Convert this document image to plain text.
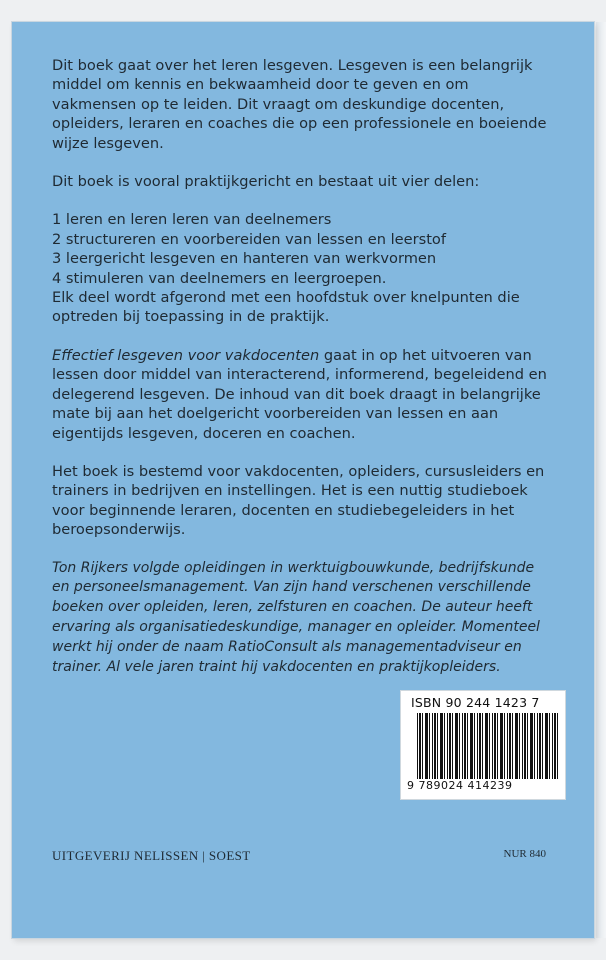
Dit boek gaat over het leren lesgeven. Lesgeven is een belangrijk middel om kennis en bekwaamheid door te geven en om vakmensen op te leiden. Dit vraagt om deskundige docenten, opleiders, leraren en coaches die op een professionele en boeiende wijze lesgeven.

Dit boek is vooral praktijkgericht en bestaat uit vier delen:

1 leren en leren leren van deelnemers
2 structureren en voorbereiden van lessen en leerstof
3 leergericht lesgeven en hanteren van werkvormen
4 stimuleren van deelnemers en leergroepen.
Elk deel wordt afgerond met een hoofdstuk over knelpunten die optreden bij toepassing in de praktijk.

Effectief lesgeven voor vakdocenten gaat in op het uitvoeren van lessen door middel van interacterend, informerend, begeleidend en delegerend lesgeven. De inhoud van dit boek draagt in belangrijke mate bij aan het doelgericht voorbereiden van lessen en aan eigentijds lesgeven, doceren en coachen.

Het boek is bestemd voor vakdocenten, opleiders, cursusleiders en trainers in bedrijven en instellingen. Het is een nuttig studieboek voor beginnende leraren, docenten en studiebegeleiders in het beroepsonderwijs.

Ton Rijkers volgde opleidingen in werktuigbouwkunde, bedrijfskunde en personeelsmanagement. Van zijn hand verschenen verschillende boeken over opleiden, leren, zelfsturen en coachen. De auteur heeft ervaring als organisatiedeskundige, manager en opleider. Momenteel werkt hij onder de naam RatioConsult als managementadviseur en trainer. Al vele jaren traint hij vakdocenten en praktijkopleiders.

ISBN 90 244 1423 7
9 789024 414239
UITGEVERIJ NELISSEN | SOEST	NUR 840
